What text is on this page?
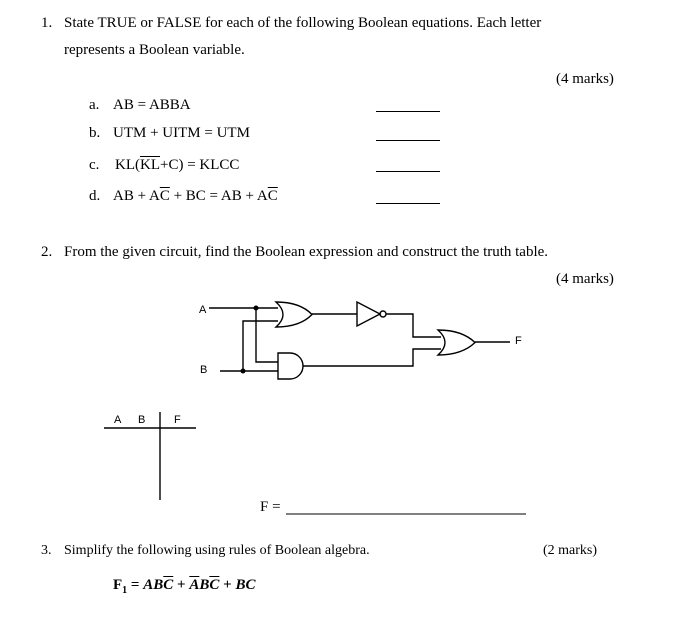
1. State TRUE or FALSE for each of the following Boolean equations. Each letter
represents a Boolean variable.
(4 marks)
a. AB = ABBA
b. UTM + UITM = UTM
c. $KL(\overline{KL}+C)$ = KLCC
d. AB + $A\overline{C}$ + BC = AB + $A\overline{C}$
2. From the given circuit, find the Boolean expression and construct the truth table.
(4 marks)
A
B
F
A B	F
F =
3. Simplify the following using rules of Boolean algebra.	(2 marks)
$F_1 = AB\overline{C} + \overline{A}B\overline{C}$ + BC
